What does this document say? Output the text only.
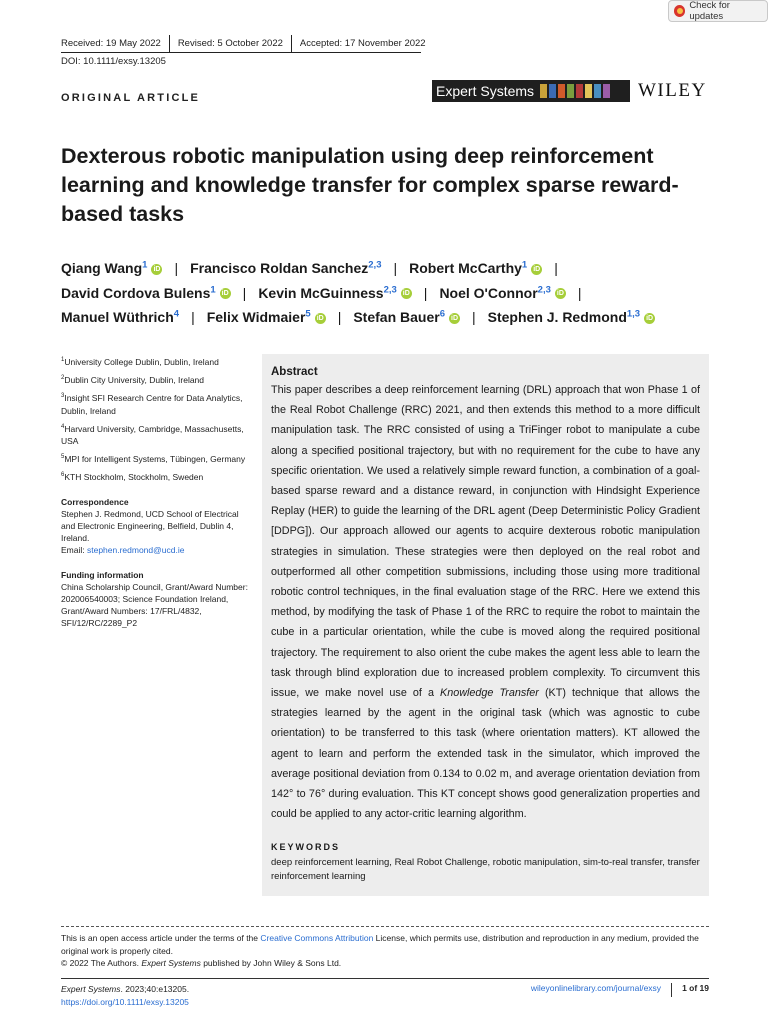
Check for updates
Received: 19 May 2022	Revised: 5 October 2022	Accepted: 17 November 2022
DOI: 10.1111/exsy.13205
ORIGINAL ARTICLE	Expert Systems	WILEY
Dexterous robotic manipulation using deep reinforcement learning and knowledge transfer for complex sparse reward-based tasks
Qiang Wang$^1$ iD | Francisco Roldan Sanchez$^{2,3}$ | Robert McCarthy$^1$ iD |
David Cordova Bulens$^1$ iD | Kevin McGuinness$^{2,3}$ iD | Noel O'Connor$^{2,3}$ iD |
Manuel Wüthrich$^4$ | Felix Widmaier$^5$ iD | Stefan Bauer$^6$ iD | Stephen J. Redmond$^{1,3}$ iD
$^1$University College Dublin, Dublin, Ireland
$^2$Dublin City University, Dublin, Ireland
$^3$Insight SFI Research Centre for Data Analytics, Dublin, Ireland
$^4$Harvard University, Cambridge, Massachusetts, USA
$^5$MPI for Intelligent Systems, Tübingen, Germany
$^6$KTH Stockholm, Stockholm, Sweden
Correspondence
Stephen J. Redmond, UCD School of Electrical and Electronic Engineering, Belfield, Dublin 4, Ireland.
Email: stephen.redmond@ucd.ie
Funding information
China Scholarship Council, Grant/Award Number: 202006540003; Science Foundation Ireland, Grant/Award Numbers: 17/FRL/4832, SFI/12/RC/2289_P2
Abstract

This paper describes a deep reinforcement learning (DRL) approach that won Phase 1 of the Real Robot Challenge (RRC) 2021, and then extends this method to a more difficult manipulation task. The RRC consisted of using a TriFinger robot to manipulate a cube along a specified positional trajectory, but with no requirement for the cube to have any specific orientation. We used a relatively simple reward function, a combination of a goal-based sparse reward and a distance reward, in conjunction with Hindsight Experience Replay (HER) to guide the learning of the DRL agent (Deep Deterministic Policy Gradient [DDPG]). Our approach allowed our agents to acquire dexterous robotic manipulation strategies in simulation. These strategies were then deployed on the real robot and outperformed all other competition submissions, including those using more traditional robotic control techniques, in the final evaluation stage of the RRC. Here we extend this method, by modifying the task of Phase 1 of the RRC to require the robot to maintain the cube in a particular orientation, while the cube is moved along the required positional trajectory. The requirement to also orient the cube makes the agent less able to learn the task through blind exploration due to increased problem complexity. To circumvent this issue, we make novel use of a Knowledge Transfer (KT) technique that allows the strategies learned by the agent in the original task (which was agnostic to cube orientation) to be transferred to this task (where orientation matters). KT allowed the agent to learn and perform the extended task in the simulator, which improved the average positional deviation from 0.134 to 0.02 m, and average orientation deviation from 142° to 76° during evaluation. This KT concept shows good generalization properties and could be applied to any actor-critic learning algorithm.

KEYWORDS
deep reinforcement learning, Real Robot Challenge, robotic manipulation, sim-to-real transfer, transfer reinforcement learning
This is an open access article under the terms of the Creative Commons Attribution License, which permits use, distribution and reproduction in any medium, provided the original work is properly cited.
© 2022 The Authors. Expert Systems published by John Wiley & Sons Ltd.
Expert Systems. 2023;40:e13205.
https://doi.org/10.1111/exsy.13205
wileyonlinelibrary.com/journal/exsy	1 of 19
